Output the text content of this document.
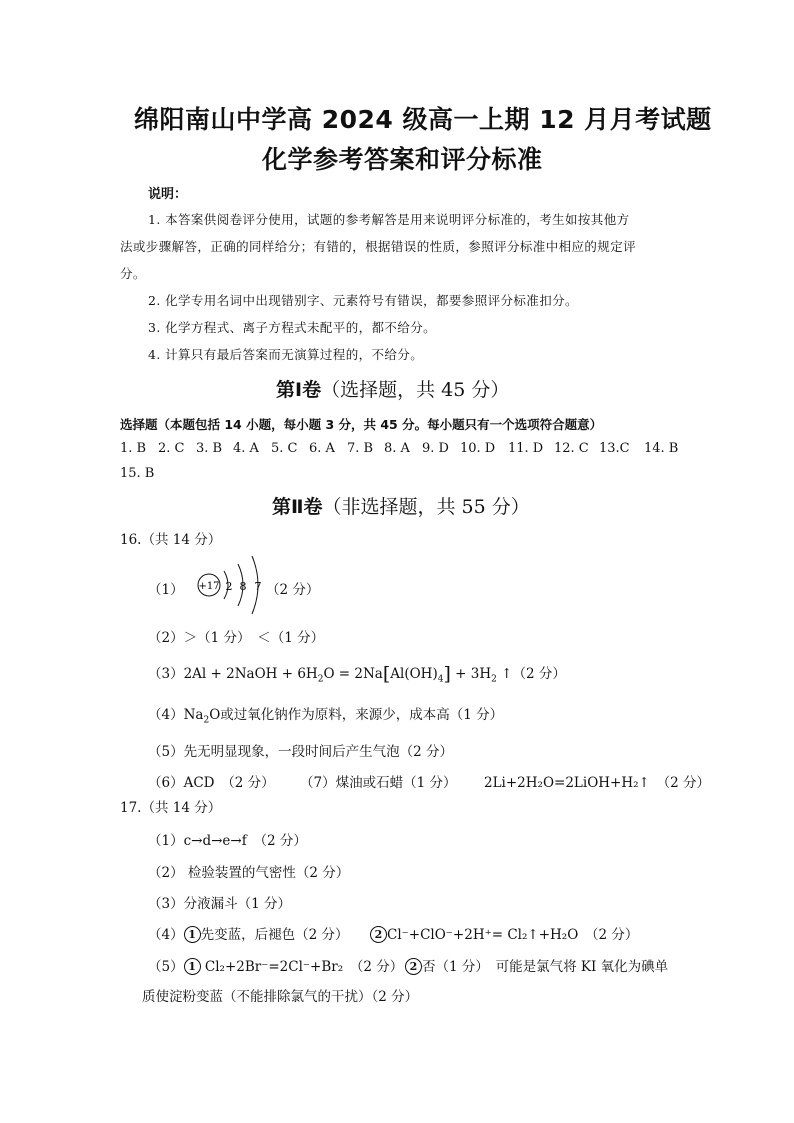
绵阳南山中学高 2024 级高一上期 12 月月考试题
化学参考答案和评分标准
说明：
1. 本答案供阅卷评分使用，试题的参考解答是用来说明评分标准的，考生如按其他方
法或步骤解答，正确的同样给分；有错的，根据错误的性质，参照评分标准中相应的规定评
分。
2. 化学专用名词中出现错别字、元素符号有错误，都要参照评分标准扣分。
3. 化学方程式、离子方程式未配平的，都不给分。
4. 计算只有最后答案而无演算过程的，不给分。
第Ⅰ卷（选择题，共 45 分）
选择题（本题包括 14 小题，每小题 3 分，共 45 分。每小题只有一个选项符合题意）
1. B 2. C 3. B 4. A 5. C 6. A 7. B 8. A 9. D 10. D 11. D 12. C 13.C 14. B
15. B
第Ⅱ卷（非选择题，共 55 分）
16.（共 14 分）
（1） +17 2 8 7 （2 分）
（2）＞（1 分）　＜（1 分）
（3）2Al + 2NaOH + $6H_2O = 2Na[Al(OH)_4] + 3H_2$ ↑（2 分）
$(4)Na_2O$或过氧化钠作为原料，来源少，成本高（1 分）
（5）先无明显现象，一段时间后产生气泡（2 分）
（6）ACD　（2 分） （7）煤油或石蜡（1 分） 2Li+2H₂O=2LiOH+H₂↑　（2 分）
17.（共 14 分）
（1）c→d→e→f　（2 分）
（2） 检验装置的气密性（2 分）
（3）分液漏斗（1 分）
（4） 1 先变蓝，后褪色（2 分）	2 Cl⁻+ClO⁻+2H⁺= Cl₂↑+H₂O　（2 分）
（5） 1 Cl₂+2Br⁻=2Cl⁻+Br₂　（2 分） 2 否（1 分）　可能是氯气将 KI 氧化为碘单
质使淀粉变蓝（不能排除氯气的干扰）（2 分）
